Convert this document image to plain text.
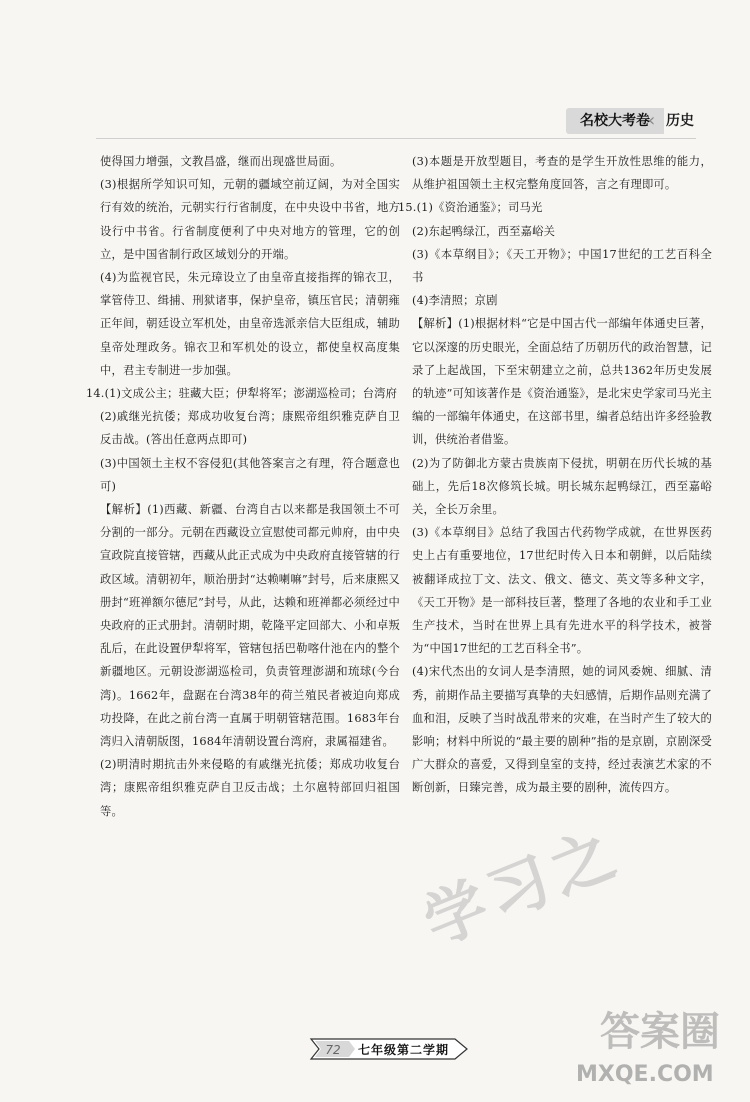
名校大考卷
‹ 历史

使得国力增强，文教昌盛，继而出现盛世局面。

(3)根据所学知识可知，元朝的疆域空前辽阔，为对全国实行有效的统治，元朝实行行省制度，在中央设中书省，地方设行中书省。行省制度便利了中央对地方的管理，它的创立，是中国省制行政区域划分的开端。

(4)为监视官民，朱元璋设立了由皇帝直接指挥的锦衣卫，掌管侍卫、缉捕、刑狱诸事，保护皇帝，镇压官民；清朝雍正年间，朝廷设立军机处，由皇帝选派亲信大臣组成，辅助皇帝处理政务。锦衣卫和军机处的设立，都使皇权高度集中，君主专制进一步加强。

14.(1)文成公主；驻藏大臣；伊犁将军；澎湖巡检司；台湾府

(2)戚继光抗倭；郑成功收复台湾；康熙帝组织雅克萨自卫反击战。(答出任意两点即可)

(3)中国领土主权不容侵犯(其他答案言之有理，符合题意也可)

【解析】(1)西藏、新疆、台湾自古以来都是我国领土不可分割的一部分。元朝在西藏设立宣慰使司都元帅府，由中央宣政院直接管辖，西藏从此正式成为中央政府直接管辖的行政区域。清朝初年，顺治册封“达赖喇嘛”封号，后来康熙又册封“班禅额尔德尼”封号，从此，达赖和班禅都必须经过中央政府的正式册封。清朝时期，乾隆平定回部大、小和卓叛乱后，在此设置伊犁将军，管辖包括巴勒喀什池在内的整个新疆地区。元朝设澎湖巡检司，负责管理澎湖和琉球(今台湾)。1662年，盘踞在台湾38年的荷兰殖民者被迫向郑成功投降，在此之前台湾一直属于明朝管辖范围。1683年台湾归入清朝版图，1684年清朝设置台湾府，隶属福建省。

(2)明清时期抗击外来侵略的有戚继光抗倭；郑成功收复台湾；康熙帝组织雅克萨自卫反击战；土尔扈特部回归祖国等。

(3)本题是开放型题目，考查的是学生开放性思维的能力，从维护祖国领土主权完整角度回答，言之有理即可。

15.(1)《资治通鉴》；司马光

(2)东起鸭绿江，西至嘉峪关

(3)《本草纲目》；《天工开物》；中国17世纪的工艺百科全书

(4)李清照；京剧

【解析】(1)根据材料“它是中国古代一部编年体通史巨著，它以深邃的历史眼光，全面总结了历朝历代的政治智慧，记录了上起战国，下至宋朝建立之前，总共1362年历史发展的轨迹”可知该著作是《资治通鉴》，是北宋史学家司马光主编的一部编年体通史，在这部书里，编者总结出许多经验教训，供统治者借鉴。

(2)为了防御北方蒙古贵族南下侵扰，明朝在历代长城的基础上，先后18次修筑长城。明长城东起鸭绿江，西至嘉峪关，全长万余里。

(3)《本草纲目》总结了我国古代药物学成就，在世界医药史上占有重要地位，17世纪时传入日本和朝鲜，以后陆续被翻译成拉丁文、法文、俄文、德文、英文等多种文字，《天工开物》是一部科技巨著，整理了各地的农业和手工业生产技术，当时在世界上具有先进水平的科学技术，被誉为“中国17世纪的工艺百科全书”。

(4)宋代杰出的女词人是李清照，她的词风委婉、细腻、清秀，前期作品主要描写真挚的夫妇感情，后期作品则充满了血和泪，反映了当时战乱带来的灾难，在当时产生了较大的影响；材料中所说的“最主要的剧种”指的是京剧，京剧深受广大群众的喜爱，又得到皇室的支持，经过表演艺术家的不断创新，日臻完善，成为最主要的剧种，流传四方。

学习之
答案圈
MXQE.COM
72	七年级第二学期
